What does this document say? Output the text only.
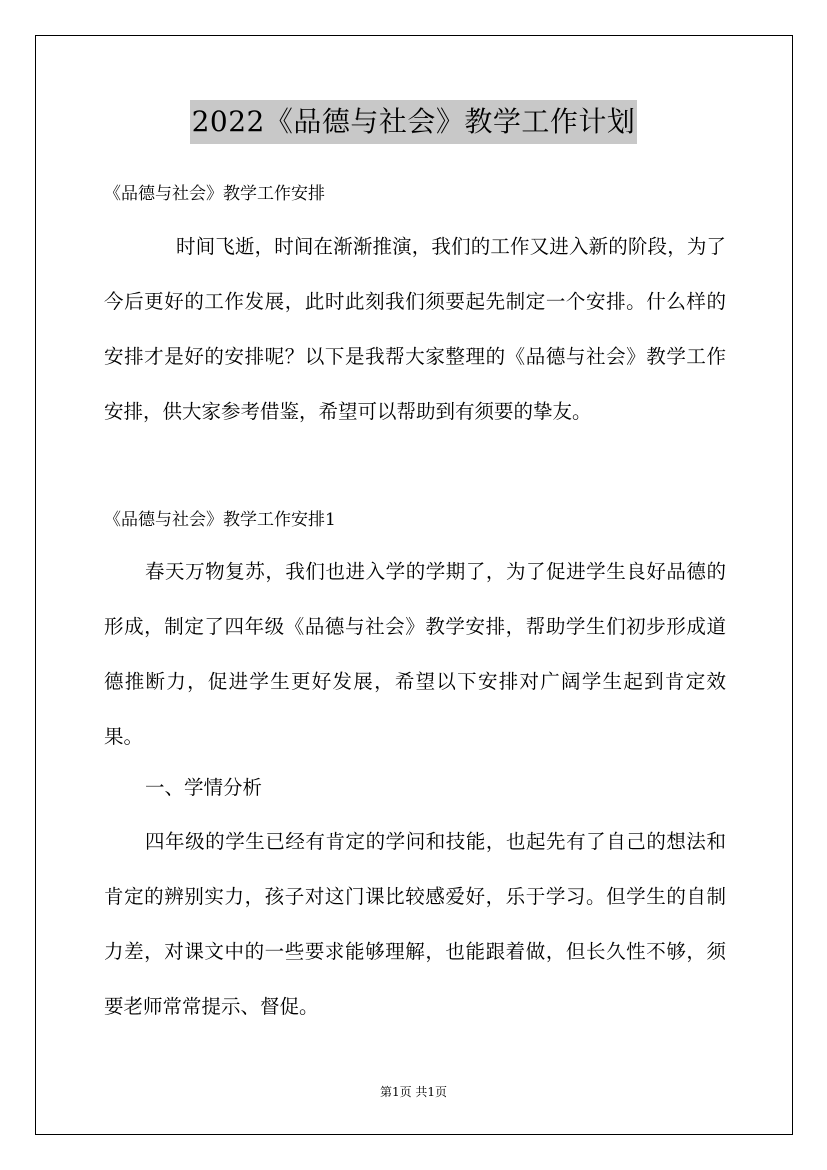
2022《品德与社会》教学工作计划
《品德与社会》教学工作安排

时间飞逝，时间在渐渐推演，我们的工作又进入新的阶段，为了今后更好的工作发展，此时此刻我们须要起先制定一个安排。什么样的安排才是好的安排呢？以下是我帮大家整理的《品德与社会》教学工作安排，供大家参考借鉴，希望可以帮助到有须要的挚友。

《品德与社会》教学工作安排1

春天万物复苏，我们也进入学的学期了，为了促进学生良好品德的形成，制定了四年级《品德与社会》教学安排，帮助学生们初步形成道德推断力，促进学生更好发展，希望以下安排对广阔学生起到肯定效果。

一、学情分析

四年级的学生已经有肯定的学问和技能，也起先有了自己的想法和肯定的辨别实力，孩子对这门课比较感爱好，乐于学习。但学生的自制力差，对课文中的一些要求能够理解，也能跟着做，但长久性不够，须要老师常常提示、督促。

第1页 共1页
